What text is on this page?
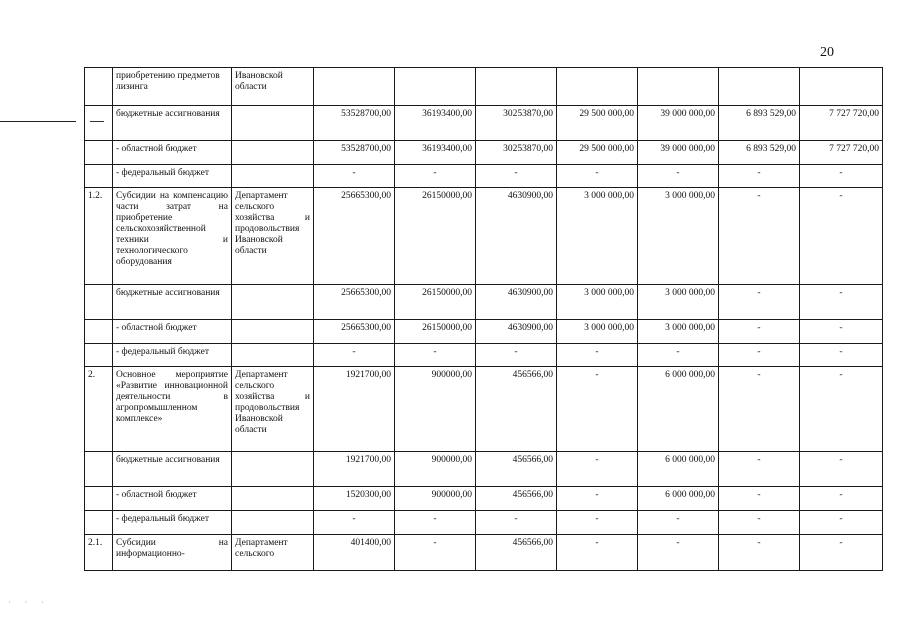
20
· · ·
	приобретению предметов лизинга	Ивановской области							
	бюджетные ассигнования		53528700,00	36193400,00	30253870,00	29 500 000,00	39 000 000,00	6 893 529,00	7 727 720,00
	- областной бюджет		53528700,00	36193400,00	30253870,00	29 500 000,00	39 000 000,00	6 893 529,00	7 727 720,00
	- федеральный бюджет		-	-	-	-	-	-	-
1.2.	Субсидии на компенсацию части затрат на приобретение сельскохозяйственной техники и технологического оборудования	Департамент сельского хозяйства и продовольствия Ивановской области	25665300,00	26150000,00	4630900,00	3 000 000,00	3 000 000,00	-	-
	бюджетные ассигнования		25665300,00	26150000,00	4630900,00	3 000 000,00	3 000 000,00	-	-
	- областной бюджет		25665300,00	26150000,00	4630900,00	3 000 000,00	3 000 000,00	-	-
	- федеральный бюджет		-	-	-	-	-	-	-
2.	Основное мероприятие «Развитие инновационной деятельности в агропромышленном комплексе»	Департамент сельского хозяйства и продовольствия Ивановской области	1921700,00	900000,00	456566,00	-	6 000 000,00	-	-
	бюджетные ассигнования		1921700,00	900000,00	456566,00	-	6 000 000,00	-	-
	- областной бюджет		1520300,00	900000,00	456566,00	-	6 000 000,00	-	-
	- федеральный бюджет		-	-	-	-	-	-	-
2.1.	Субсидии на информационно-	Департамент сельского	401400,00	-	456566,00	-	-	-	-
